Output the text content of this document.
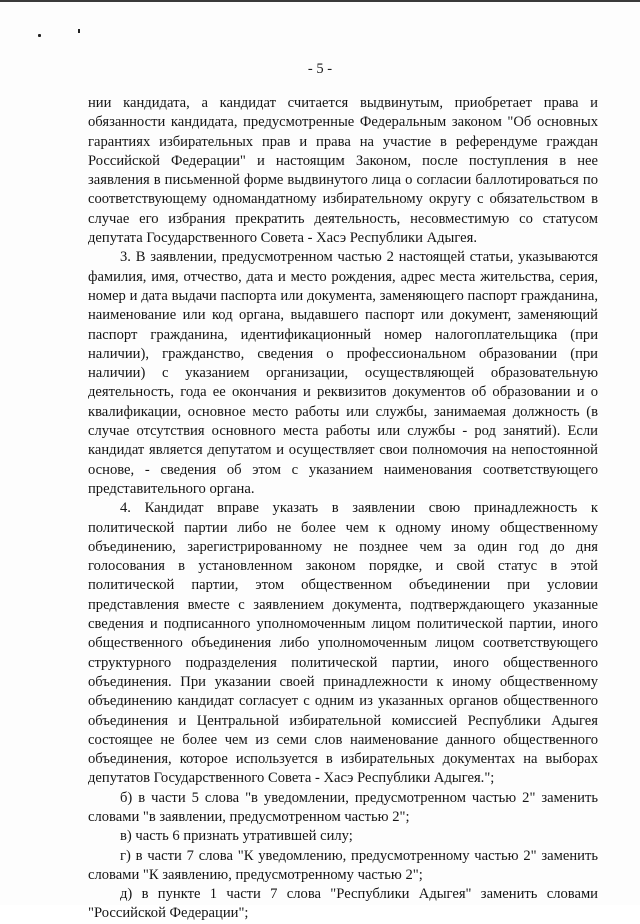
- 5 -

нии кандидата, а кандидат считается выдвинутым, приобретает права и обязанности кандидата, предусмотренные Федеральным законом "Об основных гарантиях избирательных прав и права на участие в референдуме граждан Российской Федерации" и настоящим Законом, после поступления в нее заявления в письменной форме выдвинутого лица о согласии баллотироваться по соответствующему одномандатному избирательному округу с обязательством в случае его избрания прекратить деятельность, несовместимую со статусом депутата Государственного Совета - Хасэ Республики Адыгея.

3. В заявлении, предусмотренном частью 2 настоящей статьи, указываются фамилия, имя, отчество, дата и место рождения, адрес места жительства, серия, номер и дата выдачи паспорта или документа, заменяющего паспорт гражданина, наименование или код органа, выдавшего паспорт или документ, заменяющий паспорт гражданина, идентификационный номер налогоплательщика (при наличии), гражданство, сведения о профессиональном образовании (при наличии) с указанием организации, осуществляющей образовательную деятельность, года ее окончания и реквизитов документов об образовании и о квалификации, основное место работы или службы, занимаемая должность (в случае отсутствия основного места работы или службы - род занятий). Если кандидат является депутатом и осуществляет свои полномочия на непостоянной основе, - сведения об этом с указанием наименования соответствующего представительного органа.

4. Кандидат вправе указать в заявлении свою принадлежность к политической партии либо не более чем к одному иному общественному объединению, зарегистрированному не позднее чем за один год до дня голосования в установленном законом порядке, и свой статус в этой политической партии, этом общественном объединении при условии представления вместе с заявлением документа, подтверждающего указанные сведения и подписанного уполномоченным лицом политической партии, иного общественного объединения либо уполномоченным лицом соответствующего структурного подразделения политической партии, иного общественного объединения. При указании своей принадлежности к иному общественному объединению кандидат согласует с одним из указанных органов общественного объединения и Центральной избирательной комиссией Республики Адыгея состоящее не более чем из семи слов наименование данного общественного объединения, которое используется в избирательных документах на выборах депутатов Государственного Совета - Хасэ Республики Адыгея.";

б) в части 5 слова "в уведомлении, предусмотренном частью 2" заменить словами "в заявлении, предусмотренном частью 2";

в) часть 6 признать утратившей силу;

г) в части 7 слова "К уведомлению, предусмотренному частью 2" заменить словами "К заявлению, предусмотренному частью 2";

д) в пункте 1 части 7 слова "Республики Адыгея" заменить словами "Российской Федерации";
